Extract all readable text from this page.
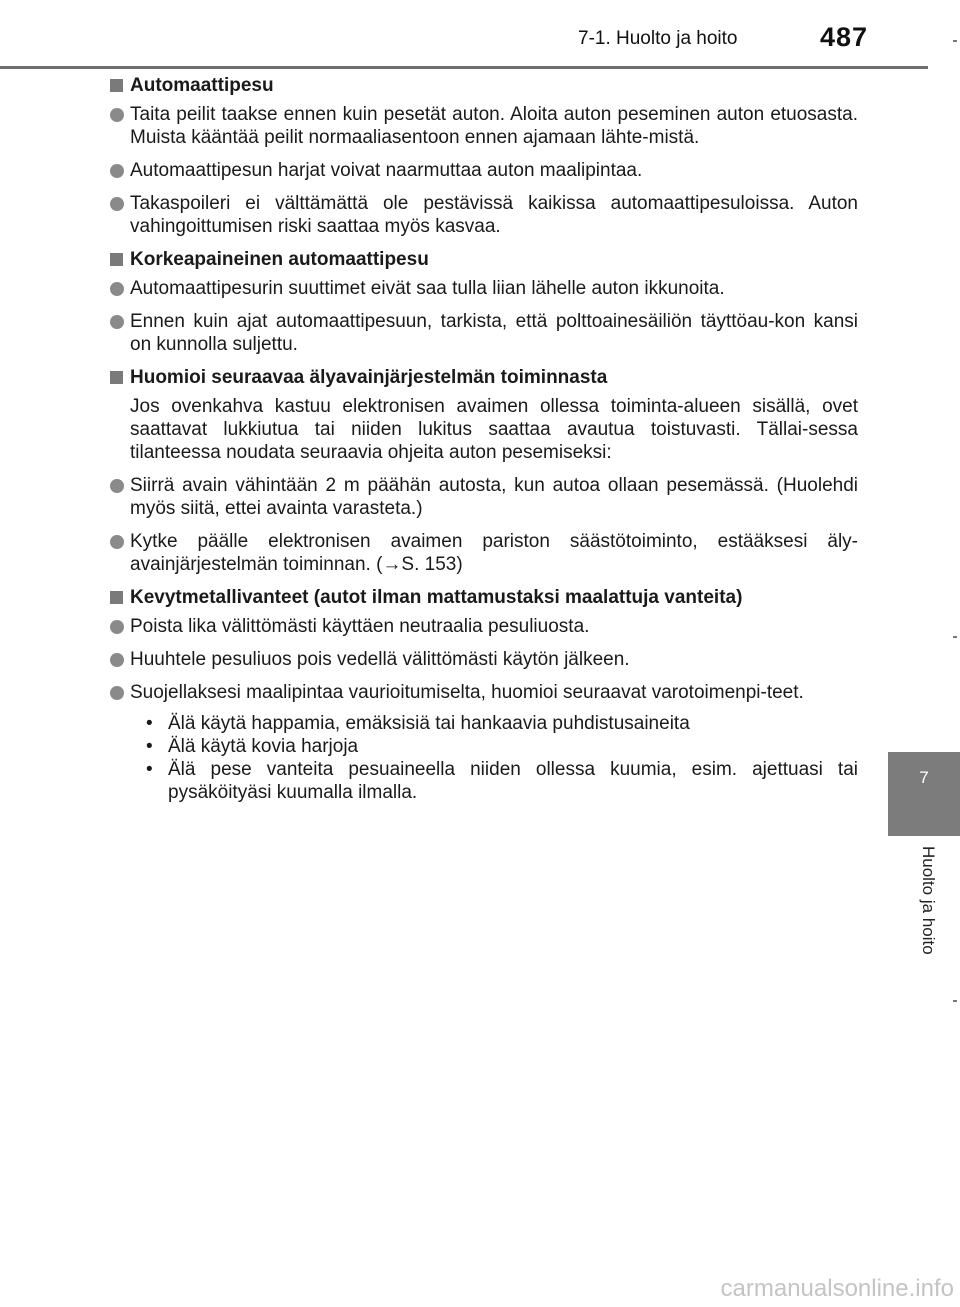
7-1. Huolto ja hoito	487
7
Huolto ja hoito
Automaattipesu
Taita peilit taakse ennen kuin pesetät auton. Aloita auton peseminen auton etuosasta. Muista kääntää peilit normaaliasentoon ennen ajamaan lähte-mistä.
Automaattipesun harjat voivat naarmuttaa auton maalipintaa.
Takaspoileri ei välttämättä ole pestävissä kaikissa automaattipesuloissa. Auton vahingoittumisen riski saattaa myös kasvaa.
Korkeapaineinen automaattipesu
Automaattipesurin suuttimet eivät saa tulla liian lähelle auton ikkunoita.
Ennen kuin ajat automaattipesuun, tarkista, että polttoainesäiliön täyttöau-kon kansi on kunnolla suljettu.
Huomioi seuraavaa älyavainjärjestelmän toiminnasta
Jos ovenkahva kastuu elektronisen avaimen ollessa toiminta-alueen sisällä, ovet saattavat lukkiutua tai niiden lukitus saattaa avautua toistuvasti. Tällai-sessa tilanteessa noudata seuraavia ohjeita auton pesemiseksi:
Siirrä avain vähintään 2 m päähän autosta, kun autoa ollaan pesemässä. (Huolehdi myös siitä, ettei avainta varasteta.)
Kytke päälle elektronisen avaimen pariston säästötoiminto, estääksesi äly-avainjärjestelmän toiminnan. (→S. 153)
Kevytmetallivanteet (autot ilman mattamustaksi maalattuja vanteita)
Poista lika välittömästi käyttäen neutraalia pesuliuosta.
Huuhtele pesuliuos pois vedellä välittömästi käytön jälkeen.
Suojellaksesi maalipintaa vaurioitumiselta, huomioi seuraavat varotoimenpi-teet.
• Älä käytä happamia, emäksisiä tai hankaavia puhdistusaineita
• Älä käytä kovia harjoja
• Älä pese vanteita pesuaineella niiden ollessa kuumia, esim. ajettuasi tai pysäköityäsi kuumalla ilmalla.
carmanualsonline.info
